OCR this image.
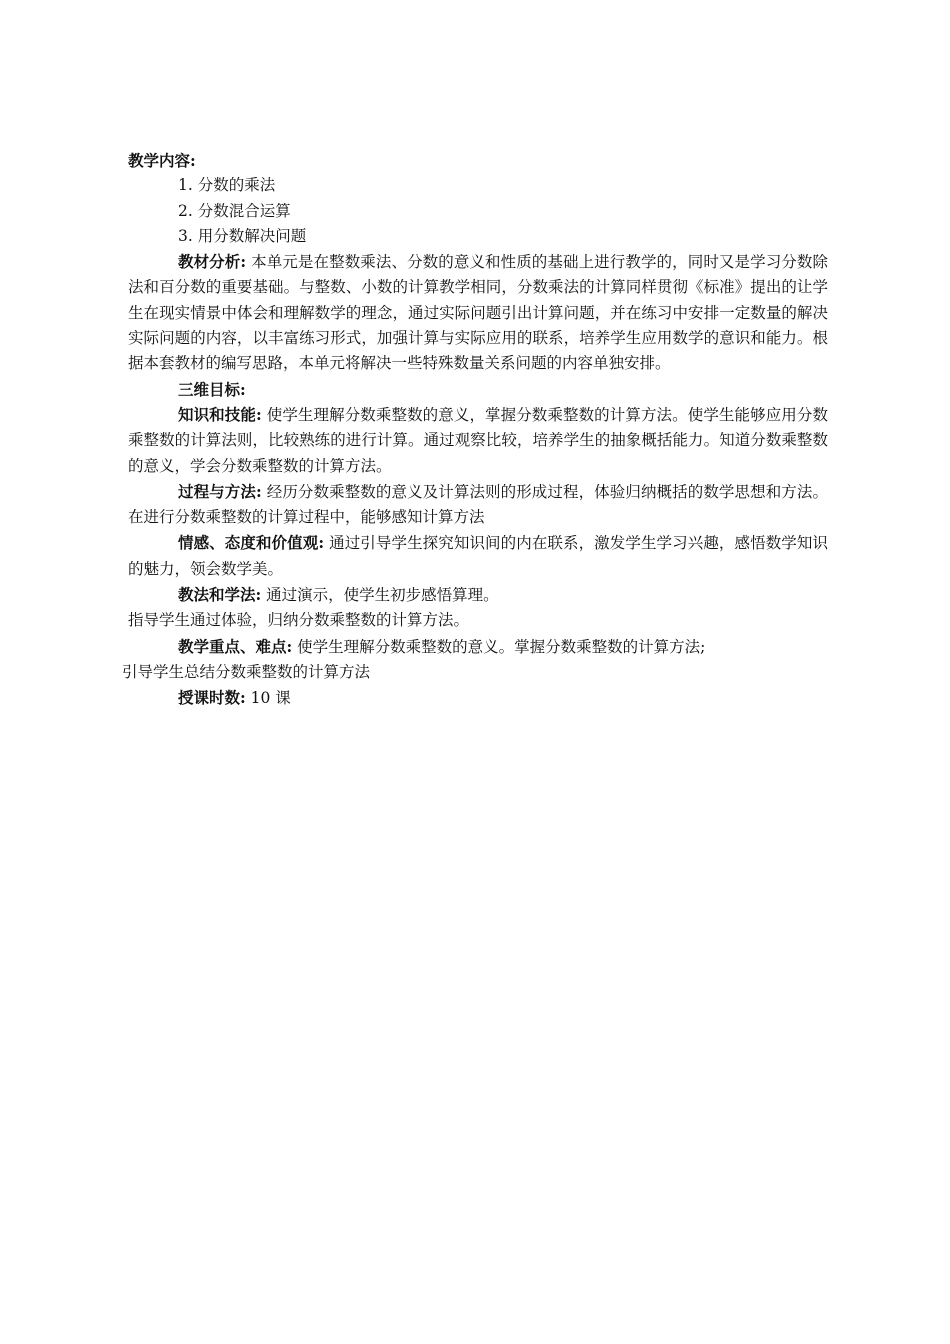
教学内容:
1. 分数的乘法
2. 分数混合运算
3. 用分数解决问题
教材分析: 本单元是在整数乘法、分数的意义和性质的基础上进行教学的，同时又是学习分数除法和百分数的重要基础。与整数、小数的计算教学相同，分数乘法的计算同样贯彻《标准》提出的让学生在现实情景中体会和理解数学的理念，通过实际问题引出计算问题，并在练习中安排一定数量的解决实际问题的内容，以丰富练习形式，加强计算与实际应用的联系，培养学生应用数学的意识和能力。根据本套教材的编写思路，本单元将解决一些特殊数量关系问题的内容单独安排。
三维目标:
知识和技能: 使学生理解分数乘整数的意义，掌握分数乘整数的计算方法。使学生能够应用分数乘整数的计算法则，比较熟练的进行计算。通过观察比较，培养学生的抽象概括能力。知道分数乘整数的意义，学会分数乘整数的计算方法。
过程与方法: 经历分数乘整数的意义及计算法则的形成过程，体验归纳概括的数学思想和方法。在进行分数乘整数的计算过程中，能够感知计算方法
情感、态度和价值观: 通过引导学生探究知识间的内在联系，激发学生学习兴趣，感悟数学知识的魅力，领会数学美。
教法和学法: 通过演示，使学生初步感悟算理。
指导学生通过体验，归纳分数乘整数的计算方法。
教学重点、难点: 使学生理解分数乘整数的意义。掌握分数乘整数的计算方法;
引导学生总结分数乘整数的计算方法
授课时数: 10 课
